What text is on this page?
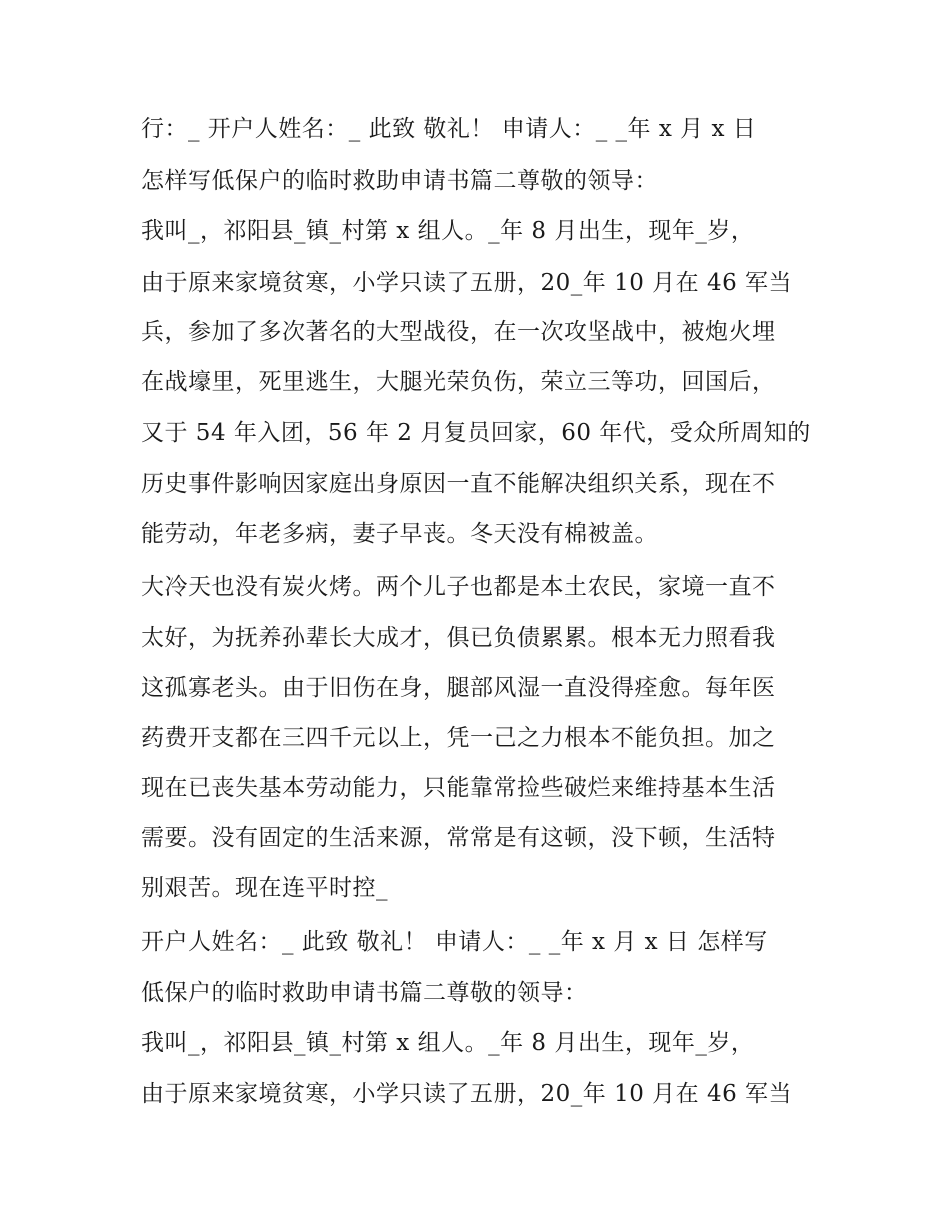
行：_ 开户人姓名：_ 此致 敬礼！ 申请人：_ _年 x 月 x 日
怎样写低保户的临时救助申请书篇二尊敬的领导：
我叫_，祁阳县_镇_村第 x 组人。_年 8 月出生，现年_岁，
由于原来家境贫寒，小学只读了五册，20_年 10 月在 46 军当
兵，参加了多次著名的大型战役，在一次攻坚战中，被炮火埋
在战壕里，死里逃生，大腿光荣负伤，荣立三等功，回国后，
又于 54 年入团，56 年 2 月复员回家，60 年代，受众所周知的
历史事件影响因家庭出身原因一直不能解决组织关系，现在不
能劳动，年老多病，妻子早丧。冬天没有棉被盖。
大冷天也没有炭火烤。两个儿子也都是本土农民，家境一直不
太好，为抚养孙辈长大成才，俱已负债累累。根本无力照看我
这孤寡老头。由于旧伤在身，腿部风湿一直没得痊愈。每年医
药费开支都在三四千元以上，凭一己之力根本不能负担。加之
现在已丧失基本劳动能力，只能靠常捡些破烂来维持基本生活
需要。没有固定的生活来源，常常是有这顿，没下顿，生活特
别艰苦。现在连平时控_
开户人姓名：_ 此致 敬礼！ 申请人：_ _年 x 月 x 日 怎样写
低保户的临时救助申请书篇二尊敬的领导：
我叫_，祁阳县_镇_村第 x 组人。_年 8 月出生，现年_岁，
由于原来家境贫寒，小学只读了五册，20_年 10 月在 46 军当
